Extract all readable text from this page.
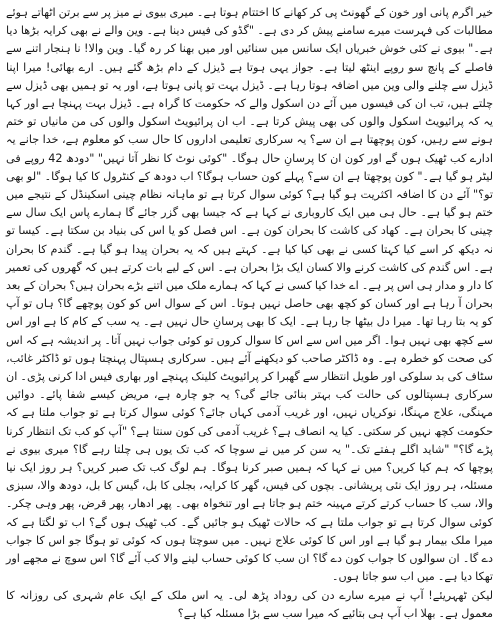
خیر اگرم پانی اور خون کے گھونٹ پی کر کھانے کا اختتام ہوتا ہے۔ میری بیوی نے میز پر سے برتن اٹھاتے ہوئے مطالبات کی فہرست میرے سامنے پیش کر دی ہے۔ "گڈو کی فیس دینا ہے۔ وین والے نے بھی کرایہ بڑھا دیا ہے۔" بیوی نے کئی خوش خبریاں ایک سانس میں سنائیں اور میں بھنا کر رہ گیا۔ وین والا! نا ہنجار اتنے سے فاصلے کے پانچ سو روپے اینٹھ لیتا ہے۔ جواز یہی ہوتا ہے ڈیزل کے دام بڑھ گئے ہیں۔ ارے بھائی! میرا اپنا ڈیزل سے چلنے والی وین میں اضافہ ہوتا رہا ہے۔ ڈیزل بہت تو پانی ہوتا ہے، اور یہ تو ہمیں بھی ڈیزل سے چلتے ہیں، تب ان کی فیسوں میں آئے دن اسکول والے کہ حکومت کا گراہ ہے۔ ڈیزل بہت پہنچا ہے اور کہا یہ کہ پرائیویٹ اسکول والوں کی بھی پیش کرتا ہے۔ اب ان پرائیویٹ اسکول والوں کی من مانیاں تو ختم ہونے سے رہیں، کون پوچھتا ہے ان سے؟ یہ سرکاری تعلیمی اداروں کا حال سب کو معلوم ہے، خدا جانے یہ ادارے کب ٹھیک ہوں گے اور کون ان کا پرسانِ حال ہوگا۔ "کوئی نوٹ کا نظر آتا نہیں" "دودھ 42 روپے فی لیٹر ہو گیا ہے۔" کون پوچھتا ہے ان سے؟ پہلے کون حساب ہوگا؟ اب دودھ کے کنٹرول کا کیا ہوگا۔ "لو بھی تو؟" آئے دن کا اضافہ اکثریت ہو گیا ہے؟ کوئی سوال کرتا ہے تو ماہانہ نظام چینی اسکینڈل کے نتیجے میں ختم ہو گیا ہے۔ حال ہی میں ایک کاروباری نے کہا ہے کہ جیسا بھی گزر جائے گا ہمارے پاس ایک سال سے چینی کا بحران ہے۔ کھاد کی کاشت کا بحران کون ہے۔ اس فصل کو یا اس کی بنیاد بن سکتا ہے۔ کیسا تو نہ دیکھ کر اسے کیا کہتا کسی نے بھی کیا کیا ہے۔ کہتے ہیں کہ یہ بحران پیدا ہو گیا ہے۔ گندم کا بحران ہے۔ اس گندم کی کاشت کرنے والا کسان ایک بڑا بحران ہے۔ اس کے لیے بات کرتے ہیں کہ گھروں کی تعمیر کا دار و مدار ہی اس پر ہے۔ اے خدا کیا کسی نے کہا کہ ہمارے ملک میں اتنے بڑے بحران ہیں؟ بحران کے بعد بحران آ رہا ہے اور کسان کو کچھ بھی حاصل نہیں ہوتا۔ اس کے سوال اس کو کون پوچھے گا؟ ہاں تو آپ کو یہ بتا رہا تھا۔ میرا دل بیٹھا جا رہا ہے۔ ایک کا بھی پرسانِ حال نہیں ہے۔ یہ سب کے کام کا ہے اور اس سے کچھ بھی نہیں ہوا۔ اگر میں اس سے اس کا سوال کروں تو کوئی جواب نہیں آتا۔ پر اندیشہ ہے کہ اس کی صحت کو خطرہ ہے۔ وہ ڈاکٹر صاحب کو دیکھنے آئے ہیں۔ سرکاری ہسپتال پہنچتا ہوں تو ڈاکٹر غائب، سٹاف کی بد سلوکی اور طویل انتظار سے گھبرا کر پرائیویٹ کلینک پہنچے اور بھاری فیس ادا کرنی پڑی۔ ان سرکاری ہسپتالوں کی حالت کب بہتر بنائی جائے گی؟ یہ جو چارہ ہے، مریض کیسے شفا پائے۔ دوائیں مہنگی، علاج مہنگا، نوکریاں نہیں، اور غریب آدمی کہاں جائے؟ کوئی سوال کرتا ہے تو جواب ملتا ہے کہ حکومت کچھ نہیں کر سکتی۔ کیا یہ انصاف ہے؟ غریب آدمی کی کون سنتا ہے؟ "آپ کو کب تک انتظار کرنا پڑے گا؟" "شاید اگلے ہفتے تک۔" یہ سن کر میں نے سوچا کہ کب تک یوں ہی چلتا رہے گا؟ میری بیوی نے پوچھا کہ ہم کیا کریں؟ میں نے کہا کہ ہمیں صبر کرنا ہوگا۔ ہم لوگ کب تک صبر کریں؟ ہر روز ایک نیا مسئلہ، ہر روز ایک نئی پریشانی۔ بچوں کی فیس، گھر کا کرایہ، بجلی کا بل، گیس کا بل، دودھ والا، سبزی والا، سب کا حساب کرتے کرتے مہینہ ختم ہو جاتا ہے اور تنخواہ بھی۔ پھر ادھار، پھر قرض، پھر وہی چکر۔ کوئی سوال کرتا ہے تو جواب ملتا ہے کہ حالات ٹھیک ہو جائیں گے۔ کب ٹھیک ہوں گے؟ اب تو لگتا ہے کہ میرا ملک بیمار ہو گیا ہے اور اس کا کوئی علاج نہیں۔ میں سوچتا ہوں کہ کوئی تو ہوگا جو اس کا جواب دے گا۔ ان سوالوں کا جواب کون دے گا؟ ان سب کا کوئی حساب لینے والا کب آئے گا؟ اس سوچ نے مجھے اور تھکا دیا ہے۔ میں اب سو جاتا ہوں۔

لیکن ٹھہریئے! آپ نے میرے سارے دن کی روداد پڑھ لی۔ یہ اس ملک کے ایک عام شہری کی روزانہ کا معمول ہے۔ بھلا اب آپ ہی بتائیے کہ میرا سب سے بڑا مسئلہ کیا ہے؟
